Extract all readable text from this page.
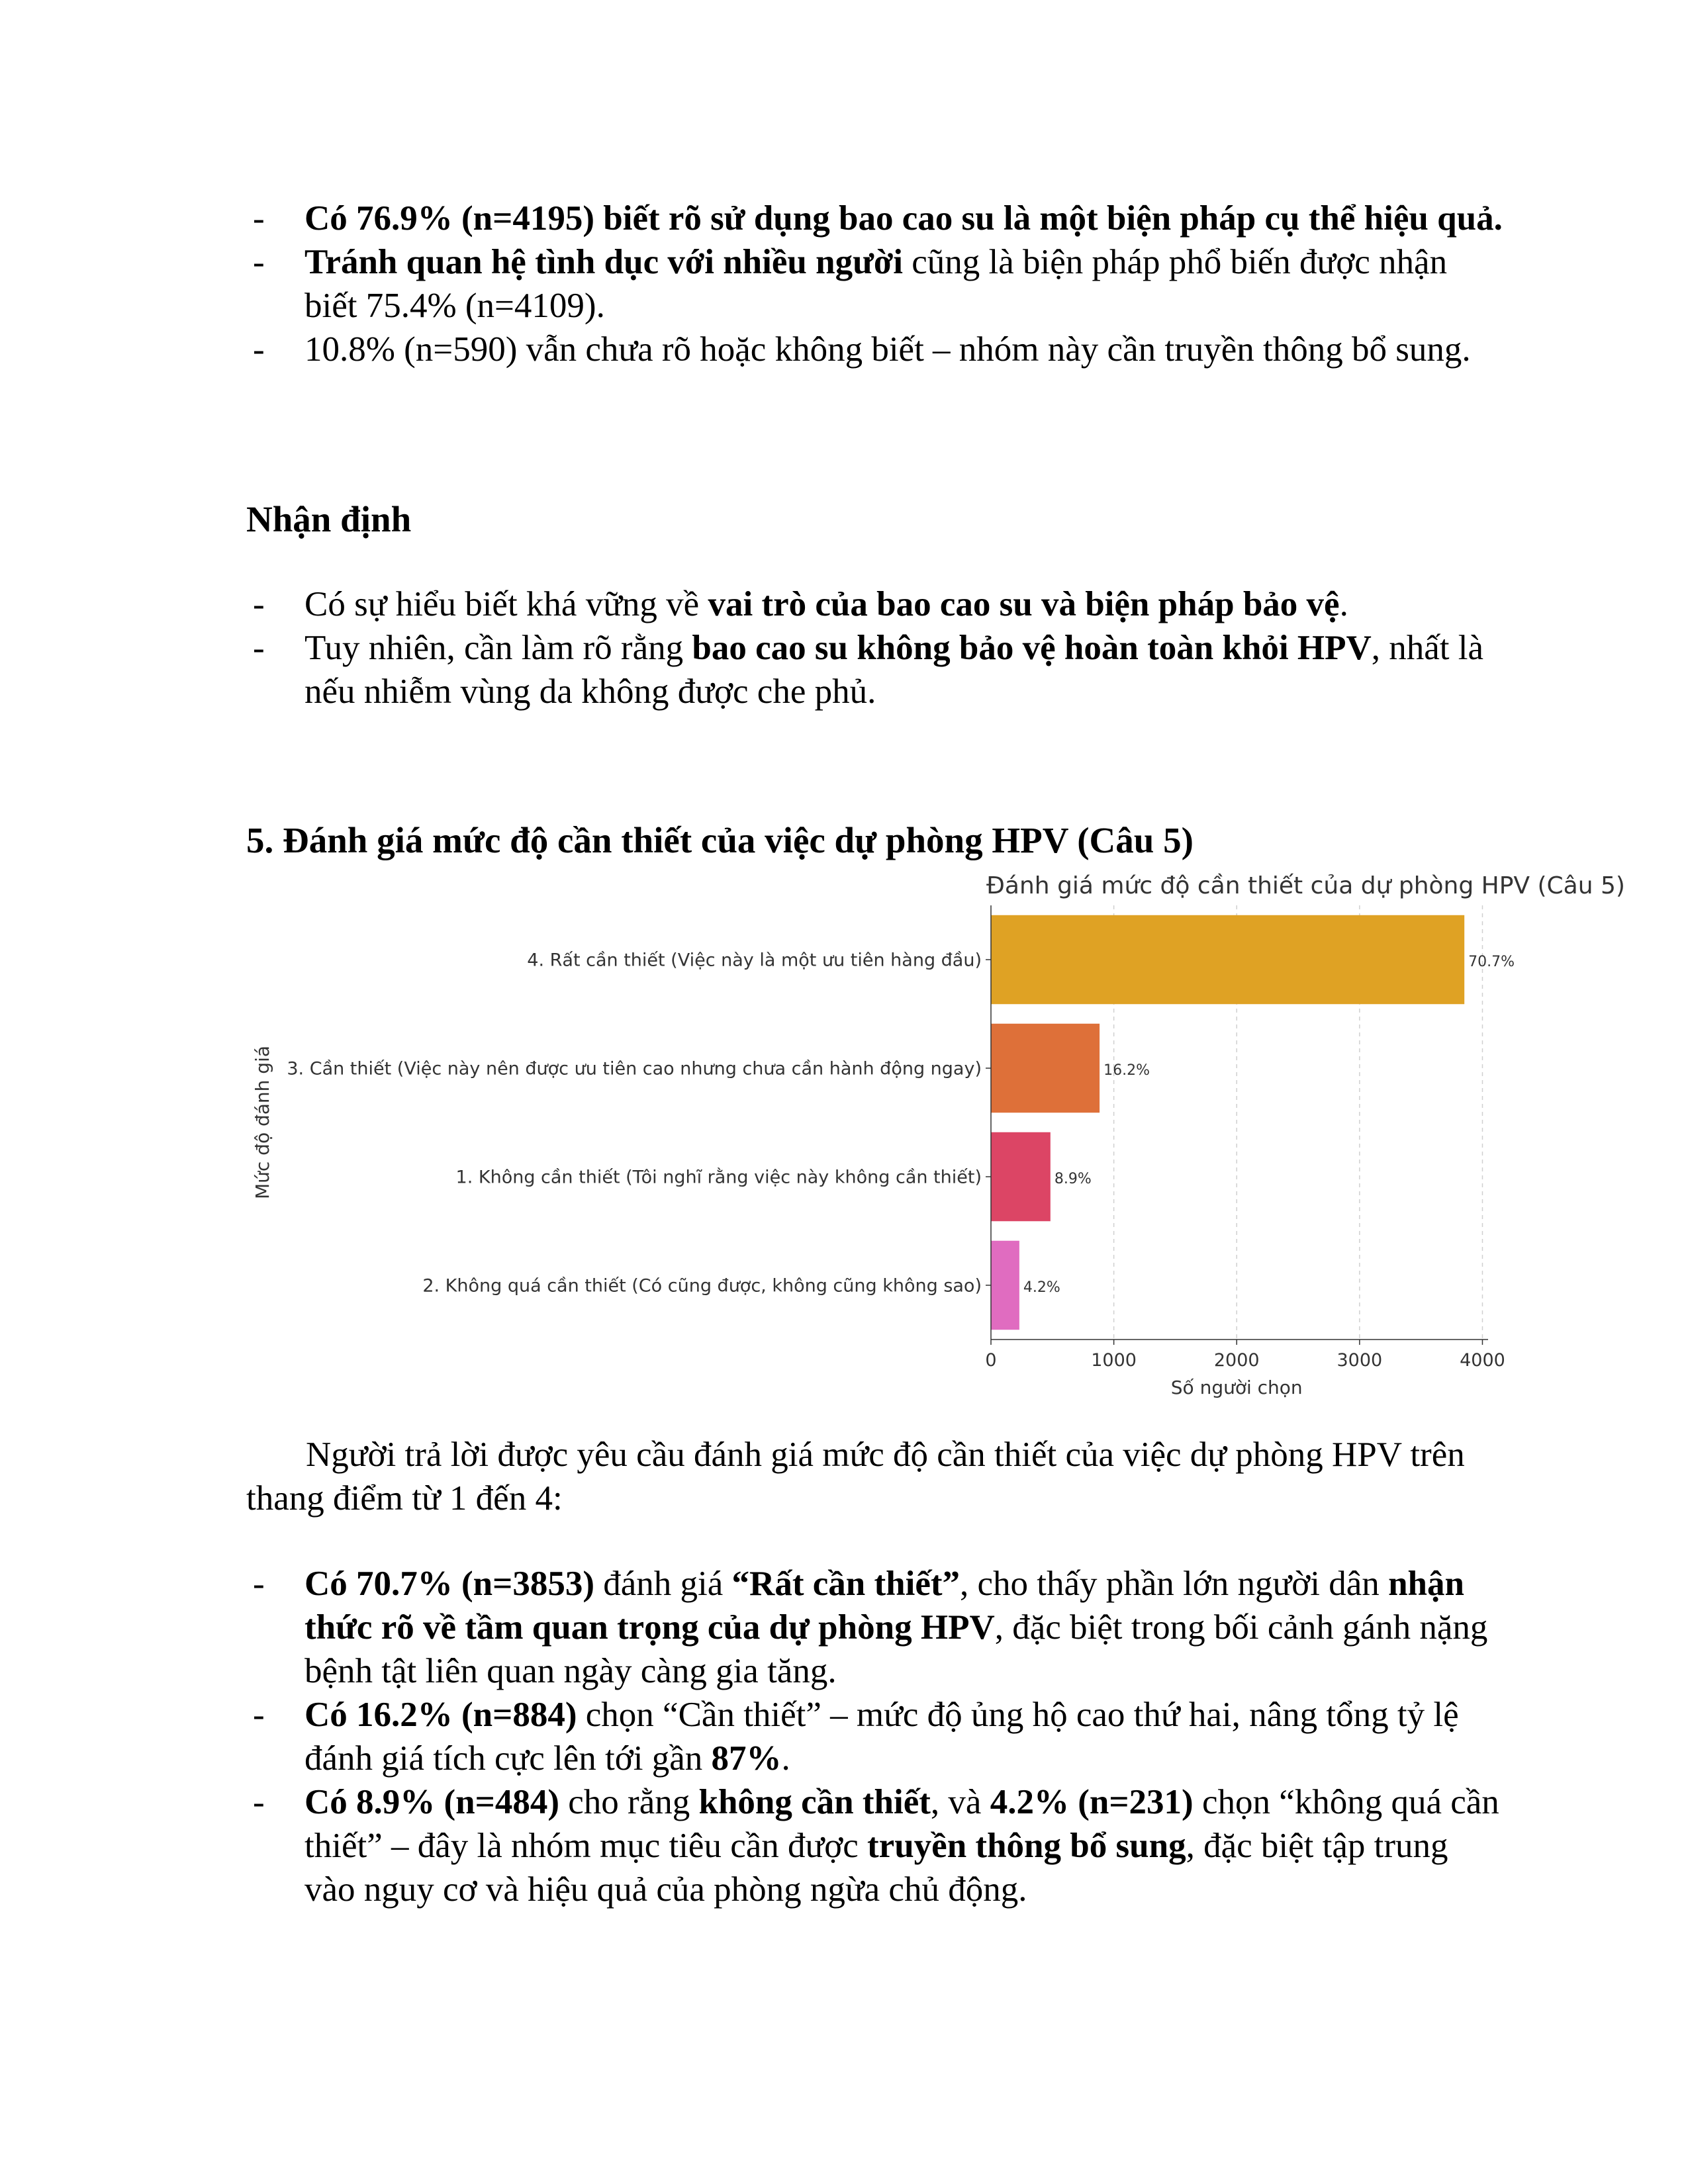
- Có 76.9% (n=4195) biết rõ sử dụng bao cao su là một biện pháp cụ thể hiệu quả.
- Tránh quan hệ tình dục với nhiều người cũng là biện pháp phổ biến được nhận biết 75.4% (n=4109).
- 10.8% (n=590) vẫn chưa rõ hoặc không biết – nhóm này cần truyền thông bổ sung.
Nhận định
- Có sự hiểu biết khá vững về vai trò của bao cao su và biện pháp bảo vệ.
- Tuy nhiên, cần làm rõ rằng bao cao su không bảo vệ hoàn toàn khỏi HPV, nhất là nếu nhiễm vùng da không được che phủ.
5. Đánh giá mức độ cần thiết của việc dự phòng HPV (Câu 5)
Đánh giá mức độ cần thiết của dự phòng HPV (Câu 5)
0	1000	2000	3000	4000
70.7%
4. Rất cần thiết (Việc này là một ưu tiên hàng đầu)
16.2%
3. Cần thiết (Việc này nên được ưu tiên cao nhưng chưa cần hành động ngay)
8.9%
1. Không cần thiết (Tôi nghĩ rằng việc này không cần thiết)
4.2%
2. Không quá cần thiết (Có cũng được, không cũng không sao)
Số người chọn
Mức độ đánh giá

Người trả lời được yêu cầu đánh giá mức độ cần thiết của việc dự phòng HPV trên thang điểm từ 1 đến 4:

- Có 70.7% (n=3853) đánh giá “Rất cần thiết”, cho thấy phần lớn người dân nhận thức rõ về tầm quan trọng của dự phòng HPV, đặc biệt trong bối cảnh gánh nặng bệnh tật liên quan ngày càng gia tăng.
- Có 16.2% (n=884) chọn “Cần thiết” – mức độ ủng hộ cao thứ hai, nâng tổng tỷ lệ đánh giá tích cực lên tới gần 87%.
- Có 8.9% (n=484) cho rằng không cần thiết, và 4.2% (n=231) chọn “không quá cần thiết” – đây là nhóm mục tiêu cần được truyền thông bổ sung, đặc biệt tập trung vào nguy cơ và hiệu quả của phòng ngừa chủ động.
